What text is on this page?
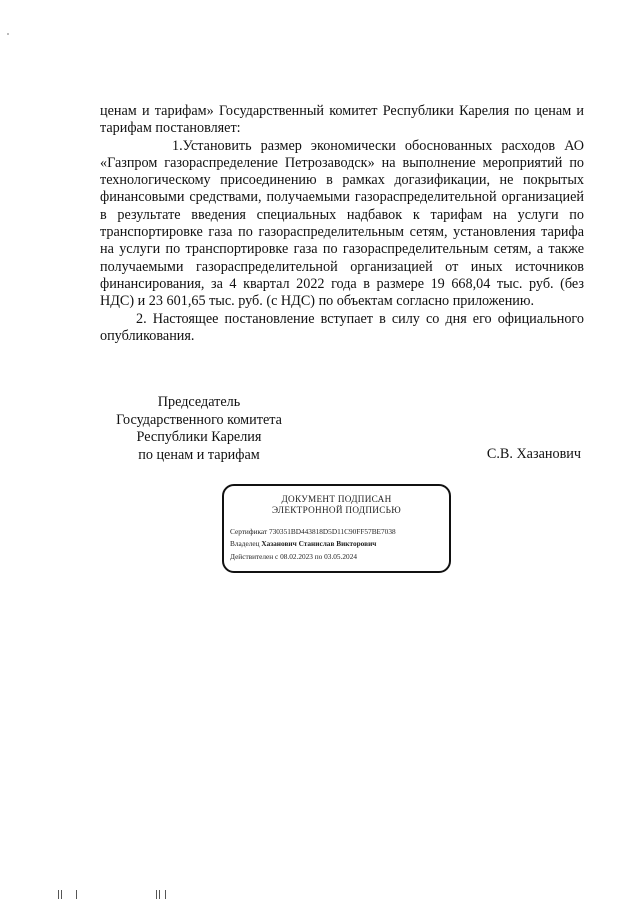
ценам и тарифам» Государственный комитет Республики Карелия по ценам и тарифам постановляет:

1.Установить размер экономически обоснованных расходов АО «Газпром газораспределение Петрозаводск» на выполнение мероприятий по технологическому присоединению в рамках догазификации, не покрытых финансовыми средствами, получаемыми газораспределительной организацией в результате введения специальных надбавок к тарифам на услуги по транспортировке газа по газораспределительным сетям, установления тарифа на услуги по транспортировке газа по газораспределительным сетям, а также получаемыми газораспределительной организацией от иных источников финансирования, за 4 квартал 2022 года в размере 19 668,04 тыс. руб. (без НДС) и 23 601,65 тыс. руб. (с НДС) по объектам согласно приложению.

2. Настоящее постановление вступает в силу со дня его официального опубликования.

Председатель
Государственного комитета
Республики Карелия
по ценам и тарифам	С.В. Хазанович
ДОКУМЕНТ ПОДПИСАН
ЭЛЕКТРОННОЙ ПОДПИСЬЮ
Сертификат 730351BD443818D5D11C90FF57BE7038
Владелец Хазанович Станислав Викторович
Действителен с 08.02.2023 по 03.05.2024
